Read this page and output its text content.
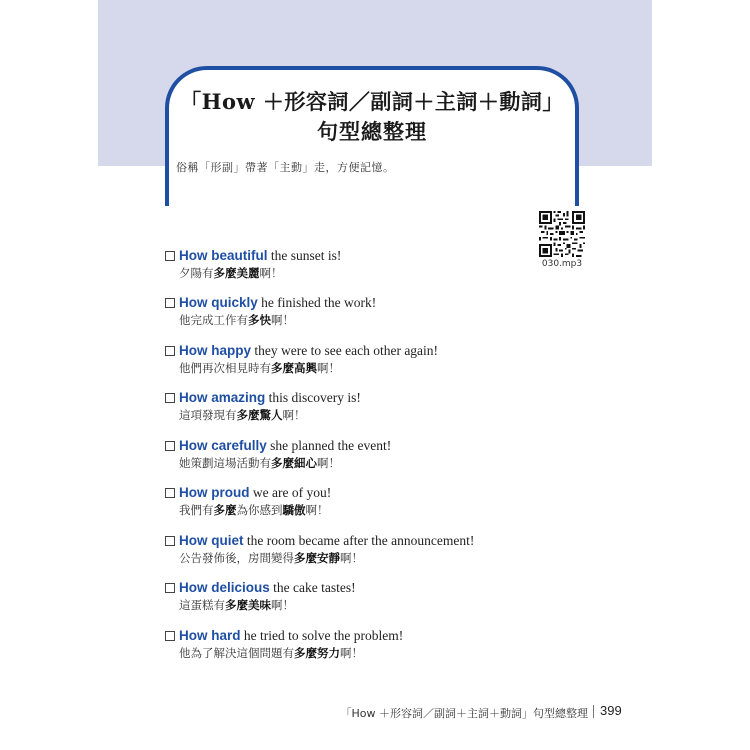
「How ＋形容詞／副詞＋主詞＋動詞」
句型總整理
俗稱「形副」帶著「主動」走，方便記憶。
030.mp3
How beautiful the sunset is!
夕陽有多麼美麗啊！
How quickly he finished the work!
他完成工作有多快啊！
How happy they were to see each other again!
他們再次相見時有多麼高興啊！
How amazing this discovery is!
這項發現有多麼驚人啊！
How carefully she planned the event!
她策劃這場活動有多麼細心啊！
How proud we are of you!
我們有多麼為你感到驕傲啊！
How quiet the room became after the announcement!
公告發佈後，房間變得多麼安靜啊！
How delicious the cake tastes!
這蛋糕有多麼美味啊！
How hard he tried to solve the problem!
他為了解決這個問題有多麼努力啊！
「How ＋形容詞／副詞＋主詞＋動詞」句型總整理 399
